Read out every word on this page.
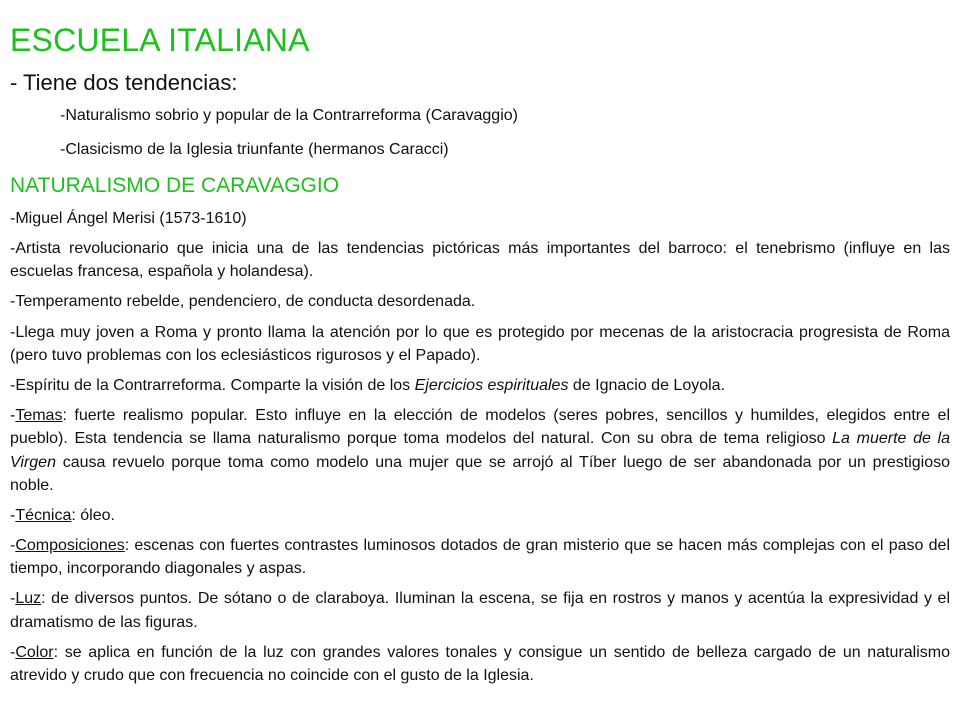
ESCUELA ITALIANA
- Tiene dos tendencias:
-Naturalismo sobrio y popular de la Contrarreforma (Caravaggio)
-Clasicismo de la Iglesia triunfante (hermanos Caracci)
NATURALISMO DE CARAVAGGIO
-Miguel Ángel Merisi (1573-1610)
-Artista revolucionario que inicia una de las tendencias pictóricas más importantes del barroco: el tenebrismo (influye en las escuelas francesa, española y holandesa).
-Temperamento rebelde, pendenciero, de conducta desordenada.
-Llega muy joven a Roma y pronto llama la atención por lo que es protegido por mecenas de la aristocracia progresista de Roma (pero tuvo problemas con los eclesiásticos rigurosos y el Papado).
-Espíritu de la Contrarreforma. Comparte la visión de los Ejercicios espirituales de Ignacio de Loyola.
-Temas: fuerte realismo popular. Esto influye en la elección de modelos (seres pobres, sencillos y humildes, elegidos entre el pueblo). Esta tendencia se llama naturalismo porque toma modelos del natural. Con su obra de tema religioso La muerte de la Virgen causa revuelo porque toma como modelo una mujer que se arrojó al Tíber luego de ser abandonada por un prestigioso noble.
-Técnica: óleo.
-Composiciones: escenas con fuertes contrastes luminosos dotados de gran misterio que se hacen más complejas con el paso del tiempo, incorporando diagonales y aspas.
-Luz: de diversos puntos. De sótano o de claraboya. Iluminan la escena, se fija en rostros y manos y acentúa la expresividad y el dramatismo de las figuras.
-Color: se aplica en función de la luz con grandes valores tonales y consigue un sentido de belleza cargado de un naturalismo atrevido y crudo que con frecuencia no coincide con el gusto de la Iglesia.
